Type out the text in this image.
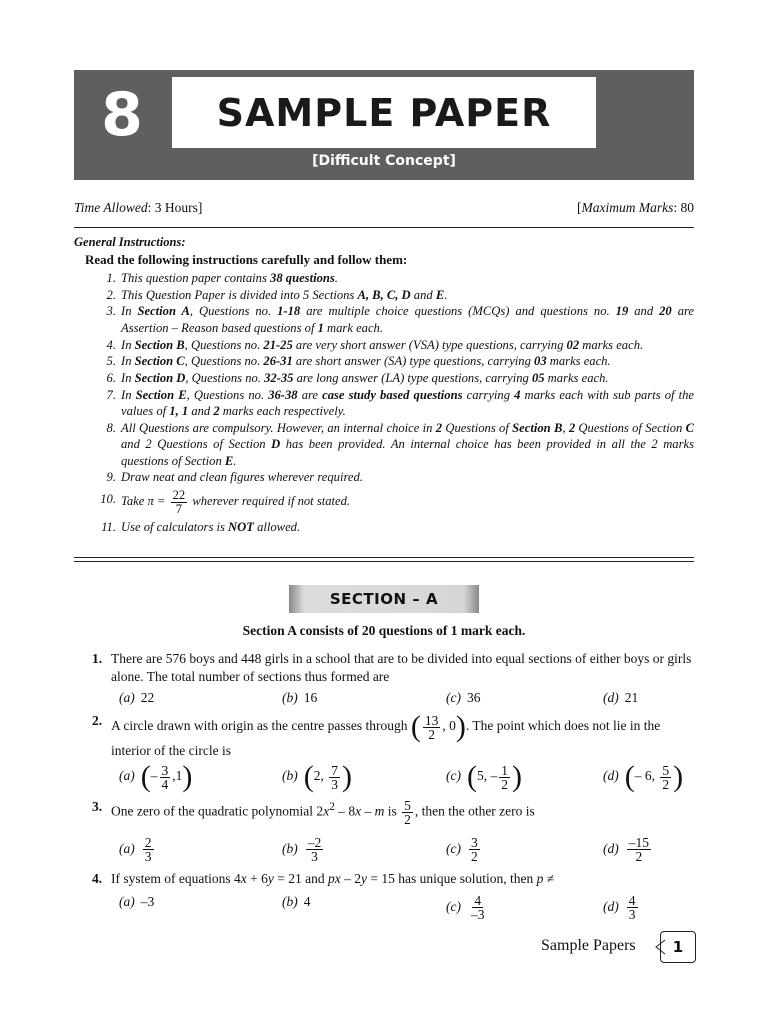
8 SAMPLE PAPER
[Difficult Concept]
Time Allowed: 3 Hours]	[Maximum Marks: 80
General Instructions:
Read the following instructions carefully and follow them:
1. This question paper contains 38 questions.
2. This Question Paper is divided into 5 Sections A, B, C, D and E.
3. In Section A, Questions no. 1-18 are multiple choice questions (MCQs) and questions no. 19 and 20 are Assertion – Reason based questions of 1 mark each.
4. In Section B, Questions no. 21-25 are very short answer (VSA) type questions, carrying 02 marks each.
5. In Section C, Questions no. 26-31 are short answer (SA) type questions, carrying 03 marks each.
6. In Section D, Questions no. 32-35 are long answer (LA) type questions, carrying 05 marks each.
7. In Section E, Questions no. 36-38 are case study based questions carrying 4 marks each with sub parts of the values of 1, 1 and 2 marks each respectively.
8. All Questions are compulsory. However, an internal choice in 2 Questions of Section B, 2 Questions of Section C and 2 Questions of Section D has been provided. An internal choice has been provided in all the 2 marks questions of Section E.
9. Draw neat and clean figures wherever required.
10. Take $\pi = \frac{22}{7}$ wherever required if not stated.
11. Use of calculators is NOT allowed.
SECTION – A
Section A consists of 20 questions of 1 mark each.
1. There are 576 boys and 448 girls in a school that are to be divided into equal sections of either boys or girls alone. The total number of sections thus formed are
(a) 22	(b) 16	(c) 36	(d) 21
2. A circle drawn with origin as the centre passes through ( $\frac{13}{2}$ , 0). The point which does not lie in the interior of the circle is
(a) (– $\frac{3}{4} ,1$)	(b) (2, $\frac{7}{3}$ )	(c) (5, – $\frac{1}{2}$ )	(d) (– 6, $\frac{5}{2}$ )
3. One zero of the quadratic polynomial $2x^2 - 8x$ – m is $\frac{5}{2}$ , then the other zero is
$(a) \frac{2}{3}$	$(b) \frac{-2}{3}$	$(c) \frac{3}{2}$	$(d) \frac{-15}{2}$
4. If system of equations 4x + 6y = 21 and px – 2y = 15 has unique solution, then p ≠
(a) –3	(b) 4	$(c) \frac{4}{-3}$	$(d) \frac{4}{3}$
Sample Papers	1
